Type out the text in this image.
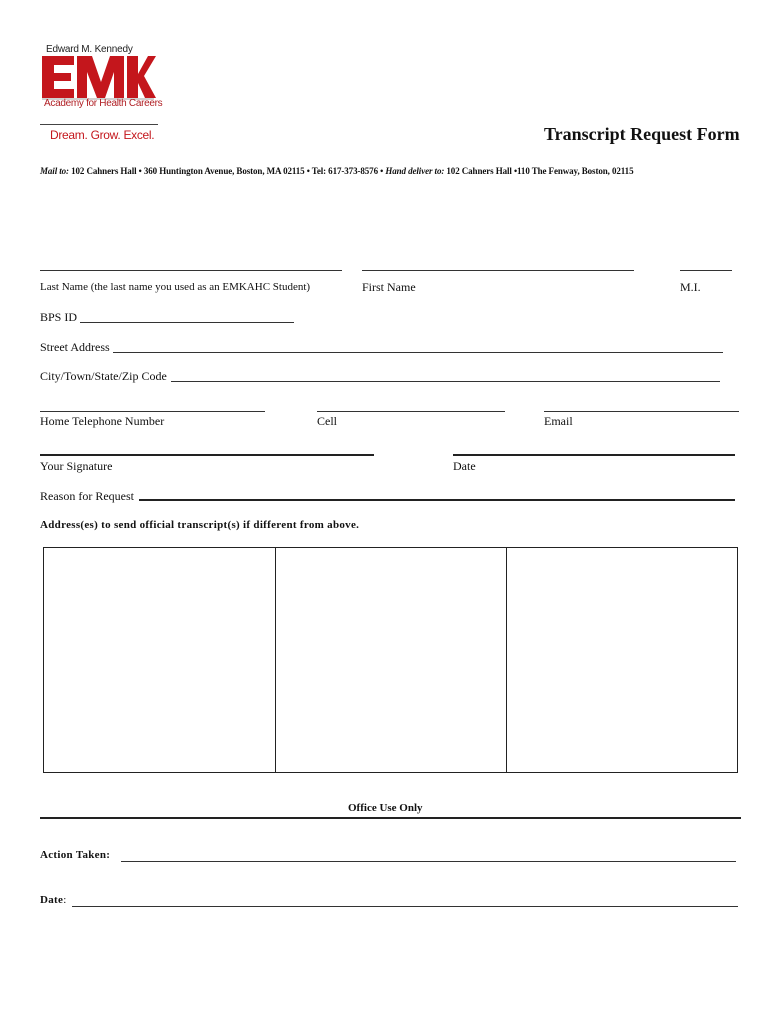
Edward M. Kennedy
Academy for Health Careers
Dream. Grow. Excel.	Transcript Request Form
Mail to: 102 Cahners Hall • 360 Huntington Avenue, Boston, MA 02115 • Tel: 617-373-8576 • Hand deliver to: 102 Cahners Hall •110 The Fenway, Boston, 02115
Last Name (the last name you used as an EMKAHC Student)	First Name	M.I.
BPS ID
Street Address
City/Town/State/Zip Code
Home Telephone Number	Cell	Email
Your Signature	Date
Reason for Request
Address(es) to send official transcript(s) if different from above.
Office Use Only
Action Taken:
Date:
